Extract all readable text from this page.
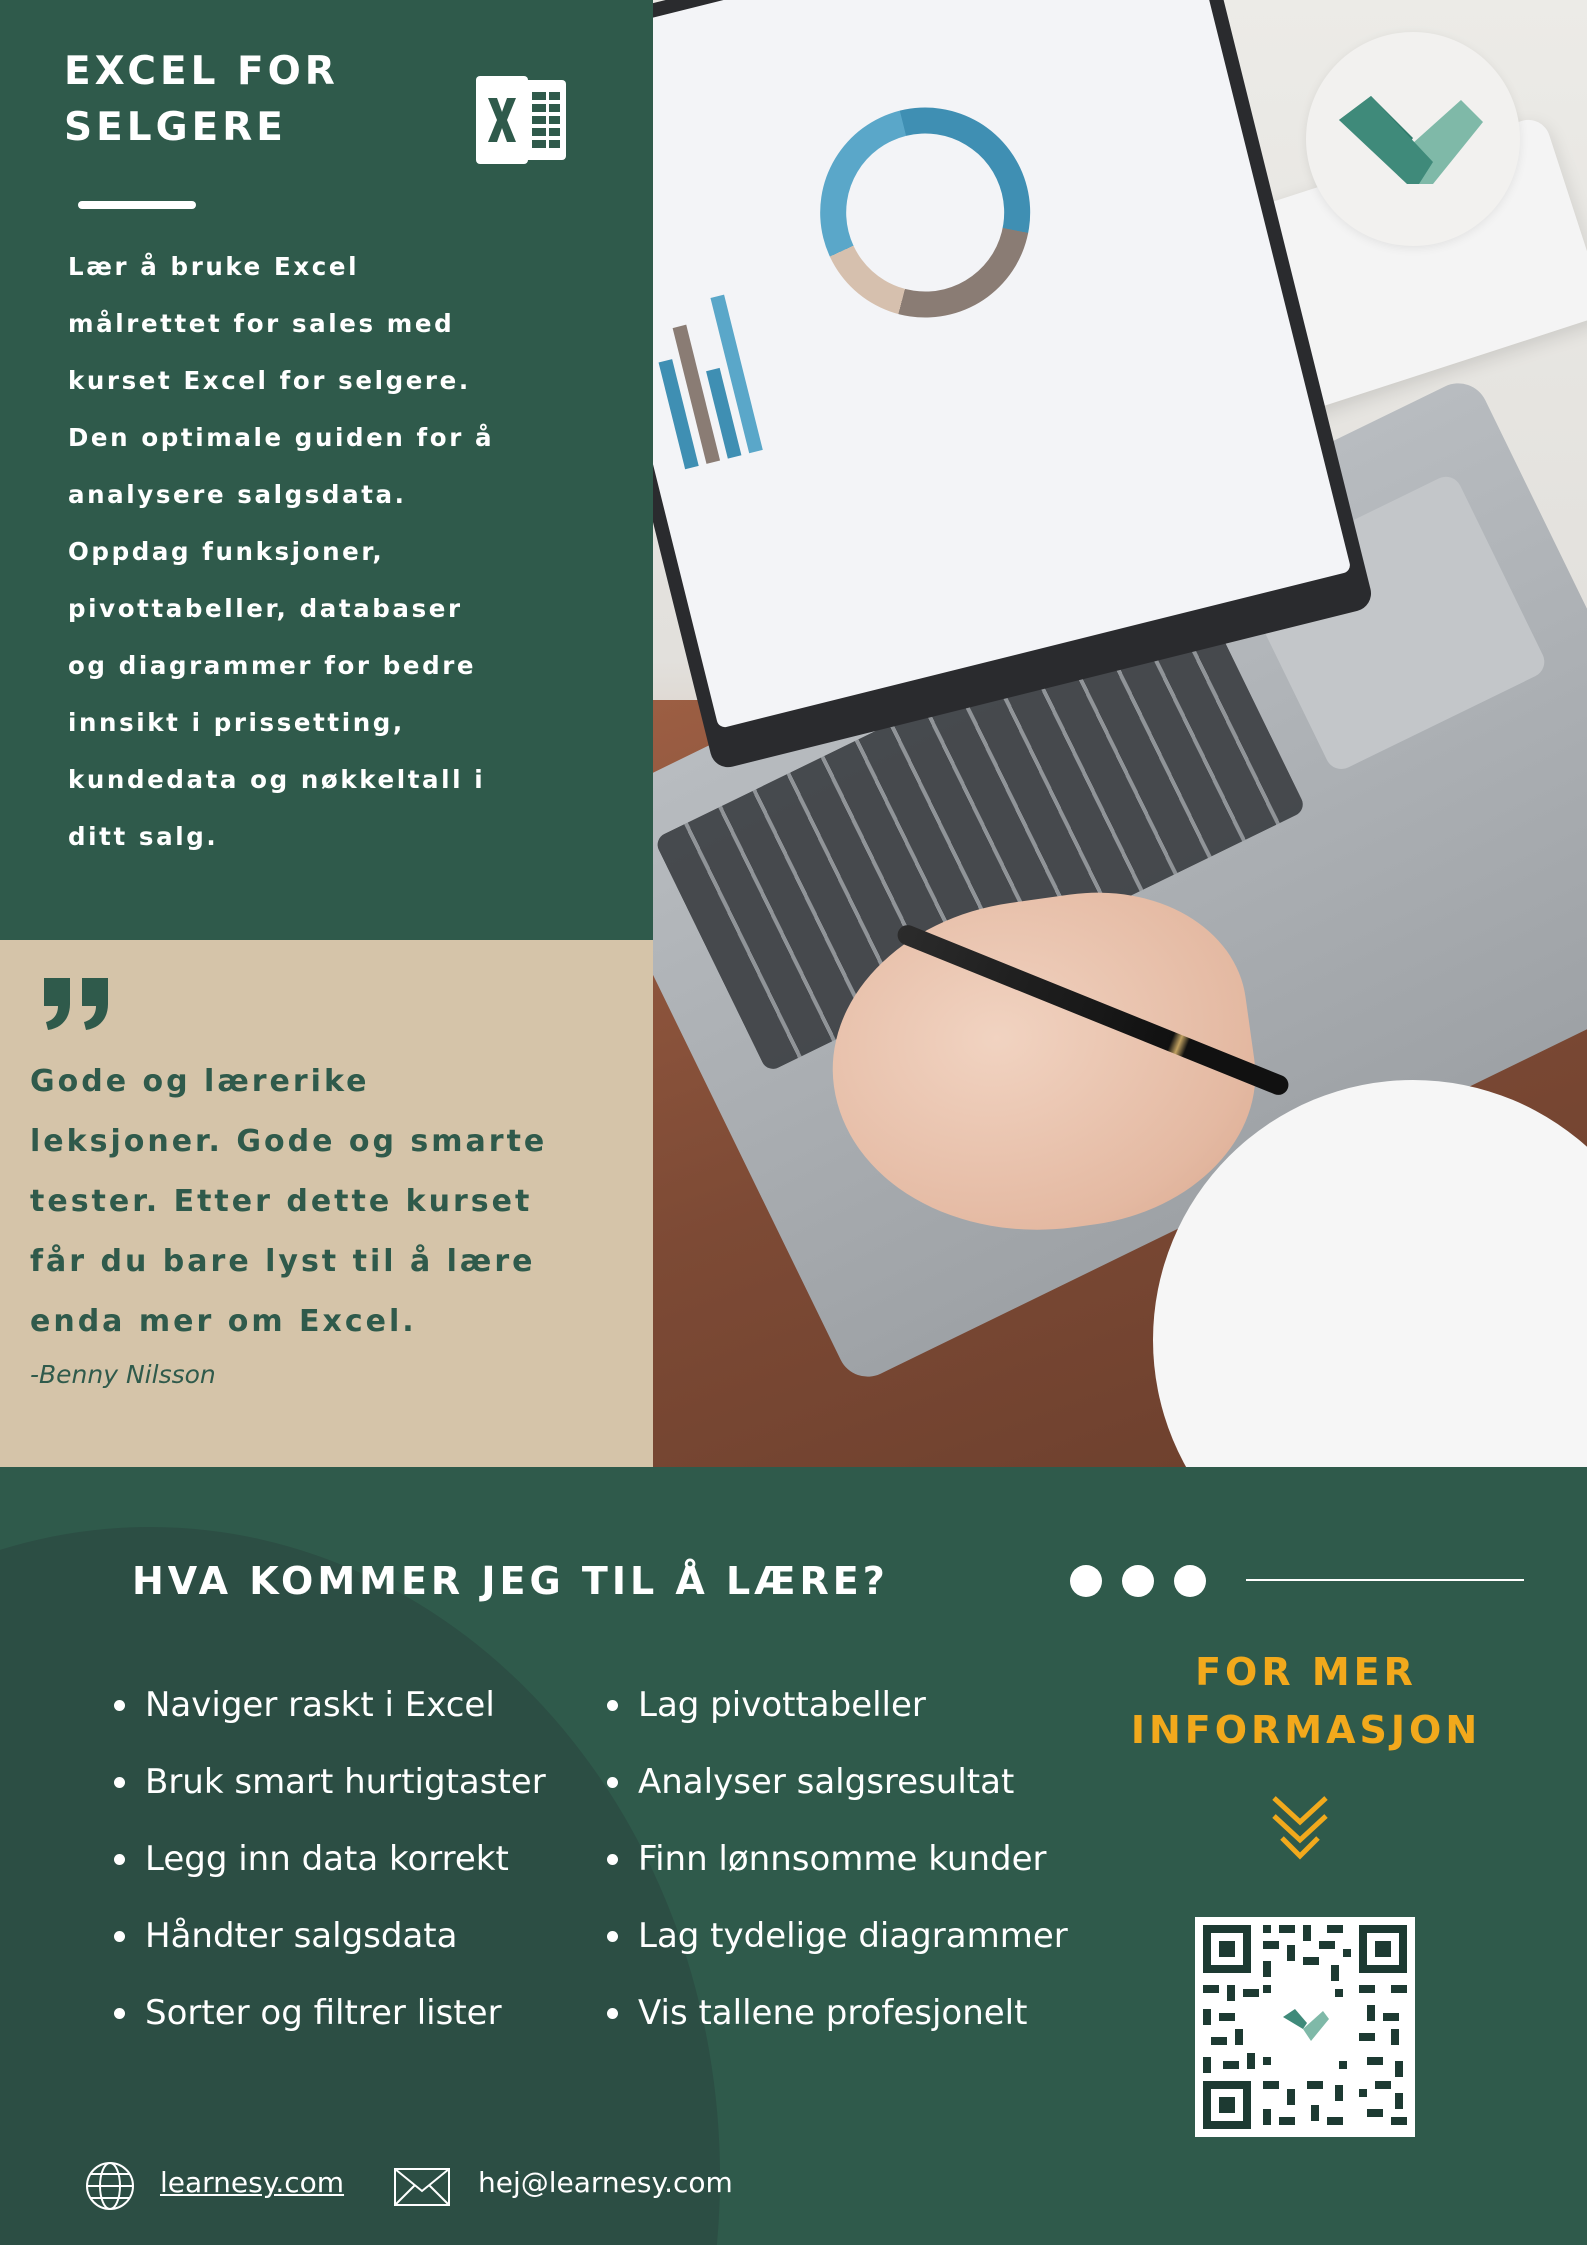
EXCEL FOR
SELGERE

Lær å bruke Excel
målrettet for sales med
kurset Excel for selgere.
Den optimale guiden for å
analysere salgsdata.
Oppdag funksjoner,
pivottabeller, databaser
og diagrammer for bedre
innsikt i prissetting,
kundedata og nøkkeltall i
ditt salg.

Gode og lærerike
leksjoner. Gode og smarte
tester. Etter dette kurset
får du bare lyst til å lære
enda mer om Excel.

-Benny Nilsson

HVA KOMMER JEG TIL Å LÆRE?

Naviger raskt i Excel
Bruk smart hurtigtaster
Legg inn data korrekt
Håndter salgsdata
Sorter og filtrer lister
Lag pivottabeller
Analyser salgsresultat
Finn lønnsomme kunder
Lag tydelige diagrammer
Vis tallene profesjonelt
FOR MER INFORMASJON
learnesy.com	hej@learnesy.com
